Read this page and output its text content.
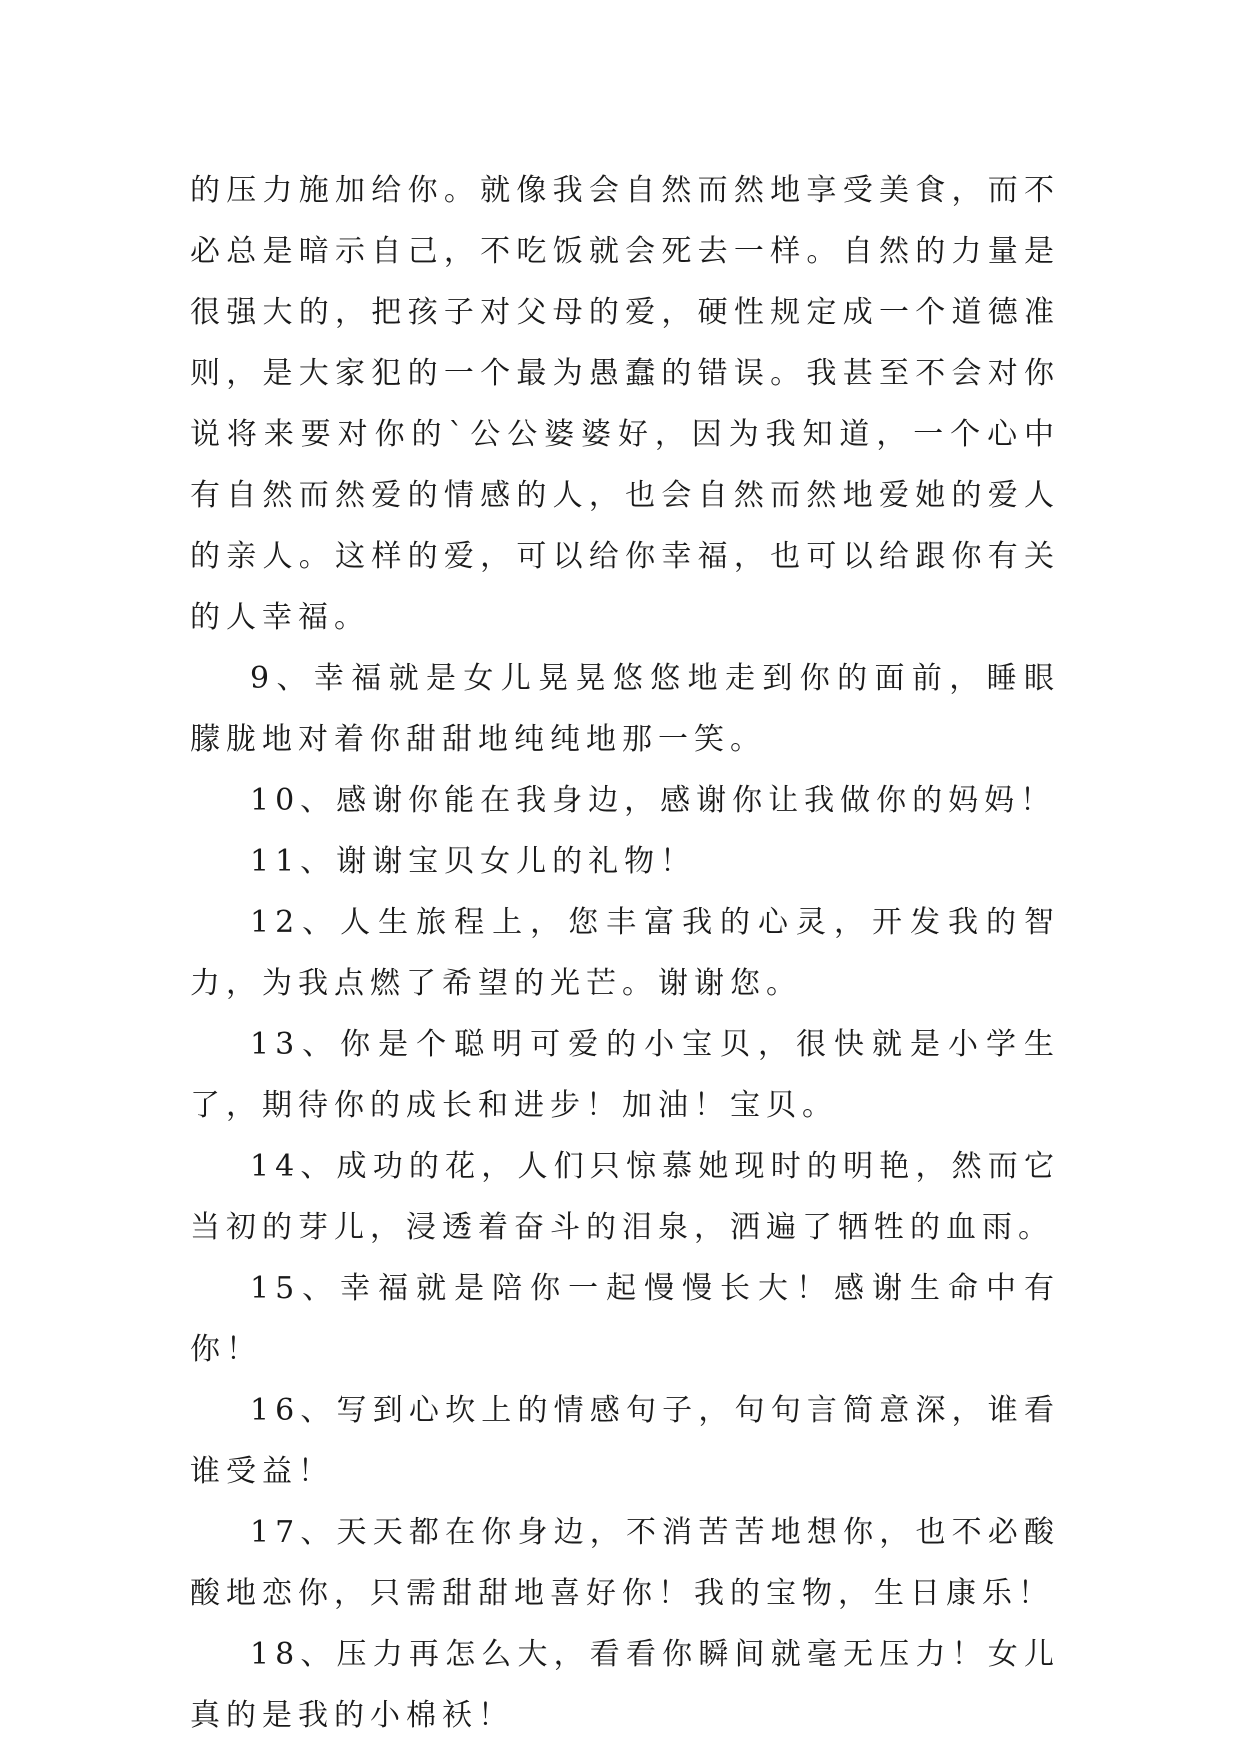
的压力施加给你。就像我会自然而然地享受美食，而不必总是暗示自己，不吃饭就会死去一样。自然的力量是很强大的，把孩子对父母的爱，硬性规定成一个道德准则，是大家犯的一个最为愚蠢的错误。我甚至不会对你说将来要对你的`公公婆婆好，因为我知道，一个心中有自然而然爱的情感的人，也会自然而然地爱她的爱人的亲人。这样的爱，可以给你幸福，也可以给跟你有关的人幸福。

9、幸福就是女儿晃晃悠悠地走到你的面前，睡眼朦胧地对着你甜甜地纯纯地那一笑。

10、感谢你能在我身边，感谢你让我做你的妈妈！

11、谢谢宝贝女儿的礼物！

12、人生旅程上，您丰富我的心灵，开发我的智力，为我点燃了希望的光芒。谢谢您。

13、你是个聪明可爱的小宝贝，很快就是小学生了，期待你的成长和进步！加油！宝贝。

14、成功的花，人们只惊慕她现时的明艳，然而它当初的芽儿，浸透着奋斗的泪泉，洒遍了牺牲的血雨。

15、幸福就是陪你一起慢慢长大！感谢生命中有你！

16、写到心坎上的情感句子，句句言简意深，谁看谁受益！

17、天天都在你身边，不消苦苦地想你，也不必酸酸地恋你，只需甜甜地喜好你！我的宝物，生日康乐！

18、压力再怎么大，看看你瞬间就毫无压力！女儿真的是我的小棉袄！
